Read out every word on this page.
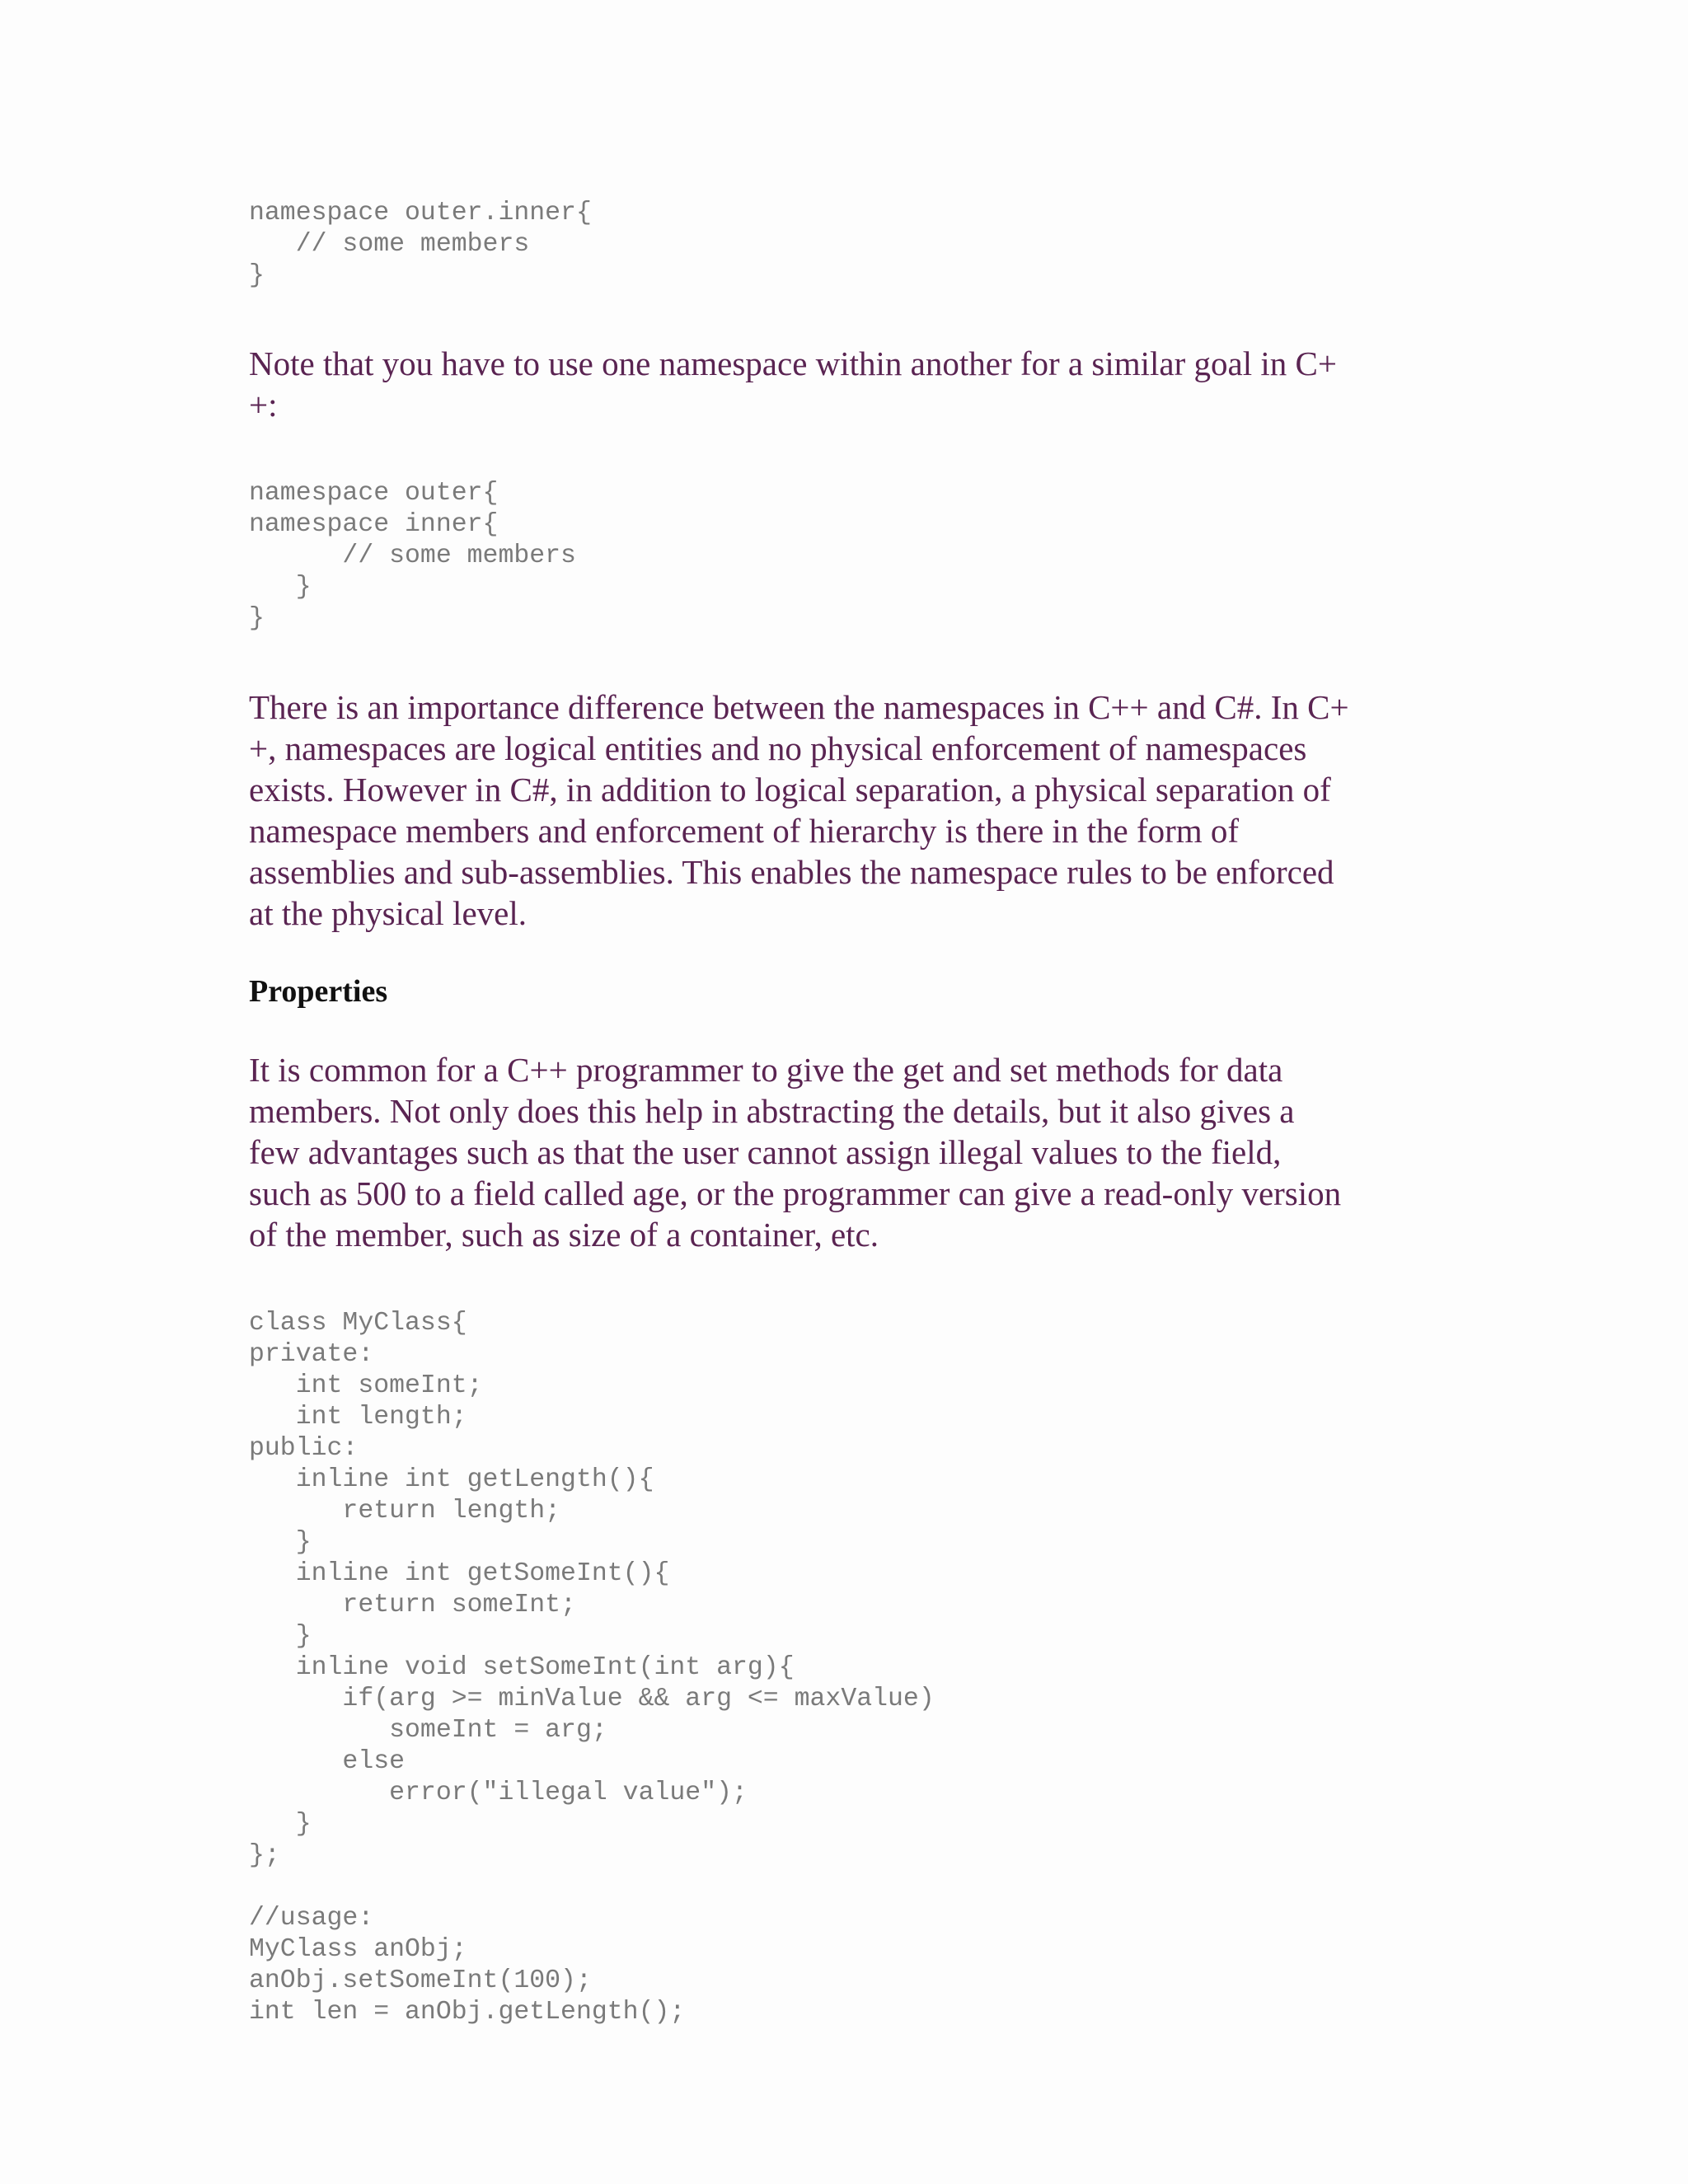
namespace outer.inner{
// some members
}

Note that you have to use one namespace within another for a similar goal in C+
+:

namespace outer{
namespace inner{
// some members
}
}

There is an importance difference between the namespaces in C++ and C#. In C+
+, namespaces are logical entities and no physical enforcement of namespaces
exists. However in C#, in addition to logical separation, a physical separation of
namespace members and enforcement of hierarchy is there in the form of
assemblies and sub-assemblies. This enables the namespace rules to be enforced
at the physical level.

Properties

It is common for a C++ programmer to give the get and set methods for data
members. Not only does this help in abstracting the details, but it also gives a
few advantages such as that the user cannot assign illegal values to the field,
such as 500 to a field called age, or the programmer can give a read-only version
of the member, such as size of a container, etc.

class MyClass{
private:
int someInt;
int length;
public:
inline int getLength(){
return length;
}
inline int getSomeInt(){
return someInt;
}
inline void setSomeInt(int arg){
if(arg >= minValue && arg <= maxValue)
someInt = arg;
else
error("illegal value");
}
};

//usage:
MyClass anObj;
anObj.setSomeInt(100);
int len = anObj.getLength();
